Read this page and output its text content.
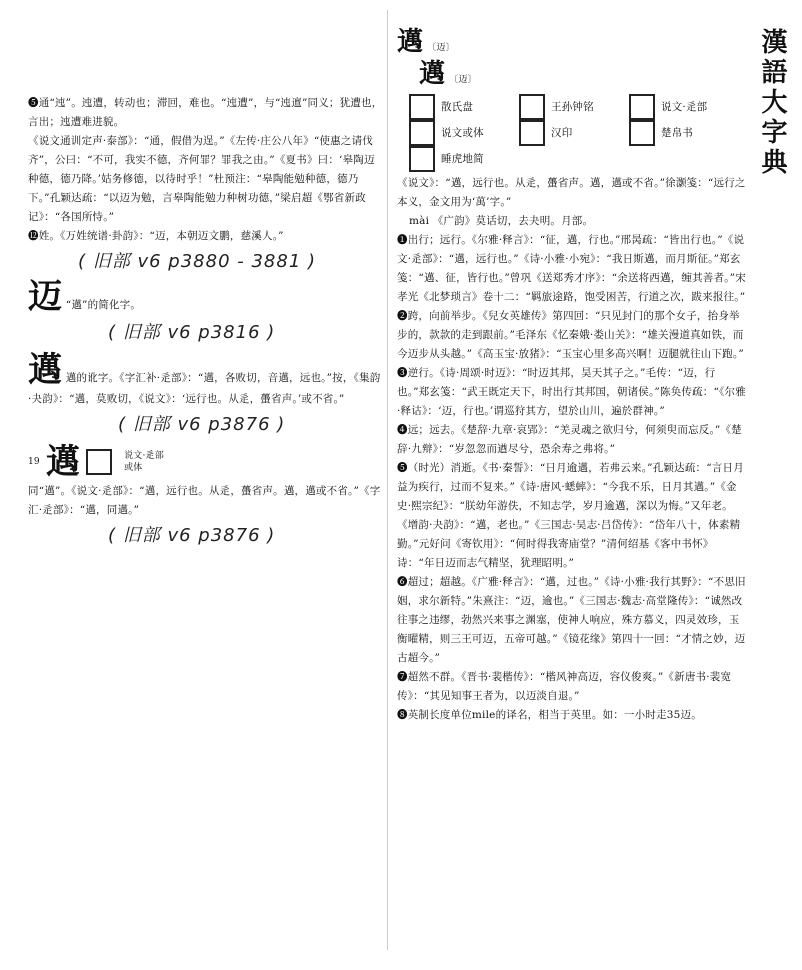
漢語大字典

❺通“迍”。迍遭，转动也；滞回，难也。“迍遭”，与“迍邅”同义；犹遭也，言出；迍遭难进貌。

《说文通训定声·泰部》：“通，假借为逞。”《左传·庄公八年》“使惠之请伐齐”，公曰：“不可，我实不德，齐何罪？罪我之由。”《夏书》曰：‘皋陶迈种德，德乃降。’姑务修德，以待时乎！”杜预注：“皋陶能勉种德，德乃下。”孔颖达疏：“以迈为勉，言皋陶能勉力种树功德，”梁启超《鄂省新政记》：“各国所恃。”

⓬姓。《万姓统谱·卦韵》：“迈，本朝迈文鹏，慈溪人。”

( 旧部 v6 p3880 - 3881 )
迈 “邁”的简化字。
( 旧部 v6 p3816 )
邁 邁的讹字。《字汇补·辵部》：“邁，各败切，音邁，远也。”按，《集韵·夬韵》：“邁，莫败切，《说文》：‘远行也。从辵，蠆省声。’或不省。”
( 旧部 v6 p3876 )
19 邁	说文·辵部
或体

同“邁”。《说文·辵部》：“邁，远行也。从辵，蠆省声。邁，邁或不省。”《字汇·辵部》：“邁，同邁。”

( 旧部 v6 p3876 )
邁 〔迈〕
邁 〔迈〕
散氏盘	王孙钟铭	说文·辵部
说文或体	汉印	楚帛书
睡虎地简

《说文》：“邁，远行也。从辵，蠆省声。邁，邁或不省。”徐灏笺：“远行之本义，金文用为‘萬’字。”

mài 《广韵》莫话切，去夬明。月部。

❶出行；远行。《尔雅·释言》：“征，邁，行也。”邢昺疏：“皆出行也。”《说文·辵部》：“邁，远行也。”《诗·小雅·小宛》：“我日斯邁，而月斯征。”郑玄笺：“邁、征，皆行也。”曾巩《送郑秀才序》：“余送将西邁，缠其善者。”宋孝光《北梦琐言》卷十二：“羁旅途路，饱受困苦，行道之次，跋来报往。”

❷跨，向前举步。《兒女英雄传》第四回：“只见封门的那个女子，抬身举步的，款款的走到跟前。”毛泽东《忆秦娥·娄山关》：“雄关漫道真如铁，而今迈步从头越。”《高玉宝·放猪》：“玉宝心里多高兴啊！迈腿就往山下跑。”

❸逆行。《诗·周颂·时迈》：“时迈其邦，昊天其子之。”毛传：“迈，行也。”郑玄笺：“武王既定天下，时出行其邦国，朝诸侯。”陈奂传疏：“《尔雅·释诂》：‘迈，行也。’谓巡狩其方，望於山川，遍於群神。”

❹远；远去。《楚辞·九章·哀郢》：“羌灵魂之欲归兮，何须臾而忘反。”《楚辞·九辩》：“岁忽忽而遒尽兮，恐余寿之弗将。”

❺（时光）消逝。《书·秦誓》：“日月逾邁，若弗云来。”孔颖达疏：“言日月益为疾行，过而不复来。”《诗·唐风·蟋蟀》：“今我不乐，日月其邁。”《金史·熙宗纪》：“朕幼年游佚，不知志学，岁月逾邁，深以为悔。”又年老。《增韵·夬韵》：“邁，老也。”《三国志·吴志·吕岱传》：“岱年八十，体素精勤。”元好问《寄钦用》：“何时得我寄庙堂？”清何绍基《客中书怀》诗：“年日迈而志气精坚，犹理昭明。”

❻超过；超越。《广雅·释言》：“邁，过也。”《诗·小雅·我行其野》：“不思旧姻，求尔新特。”朱熹注：“迈，逾也。”《三国志·魏志·高堂隆传》：“诚然改往事之违缪，勃然兴来事之渊塞，使神人响应，殊方慕义，四灵效珍，玉衡曜精，则三王可迈，五帝可越。”《镜花缘》第四十一回：“才情之妙，迈古超今。”

❼超然不群。《晋书·裴楷传》：“楷风神高迈，容仪俊爽。”《新唐书·裴宽传》：“其见知事王者为，以迈淡自退。”

❽英制长度单位mile的译名，相当于英里。如：一小时走35迈。
